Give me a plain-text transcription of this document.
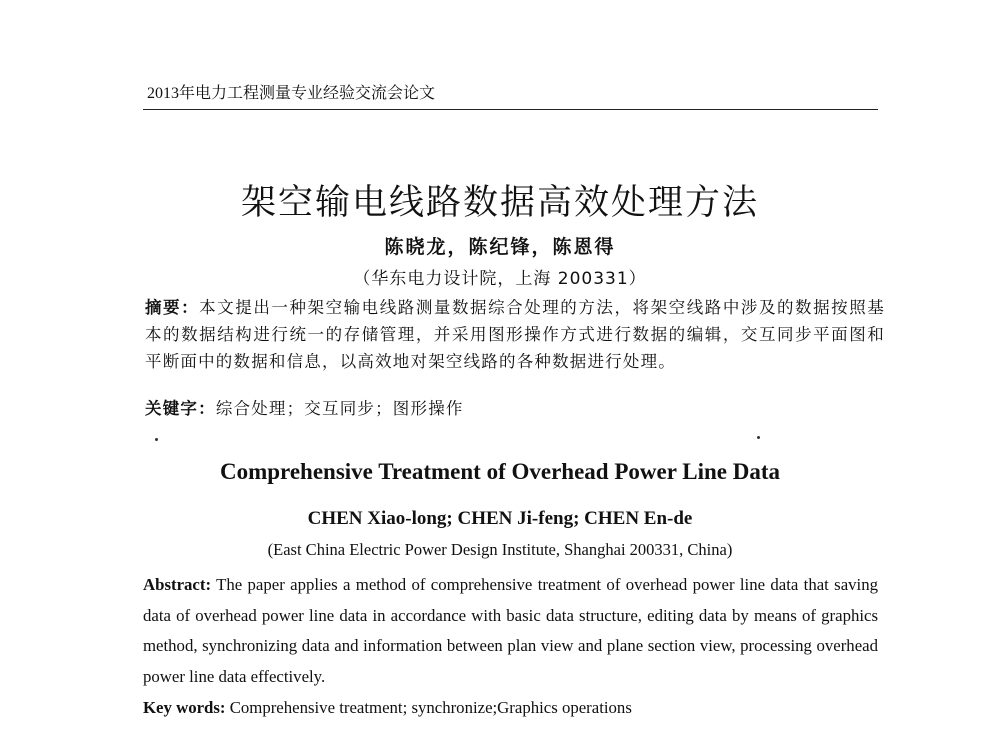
2013年电力工程测量专业经验交流会论文
架空输电线路数据高效处理方法
陈晓龙，陈纪锋，陈恩得
（华东电力设计院，上海 200331）
摘要：本文提出一种架空输电线路测量数据综合处理的方法，将架空线路中涉及的数据按照基本的数据结构进行统一的存储管理，并采用图形操作方式进行数据的编辑，交互同步平面图和平断面中的数据和信息，以高效地对架空线路的各种数据进行处理。
关键字：综合处理；交互同步；图形操作
Comprehensive Treatment of Overhead Power Line Data
CHEN Xiao-long; CHEN Ji-feng; CHEN En-de
(East China Electric Power Design Institute, Shanghai 200331, China)
Abstract: The paper applies a method of comprehensive treatment of overhead power line data that saving data of overhead power line data in accordance with basic data structure, editing data by means of graphics method, synchronizing data and information between plan view and plane section view, processing overhead power line data effectively.
Key words: Comprehensive treatment; synchronize;Graphics operations
